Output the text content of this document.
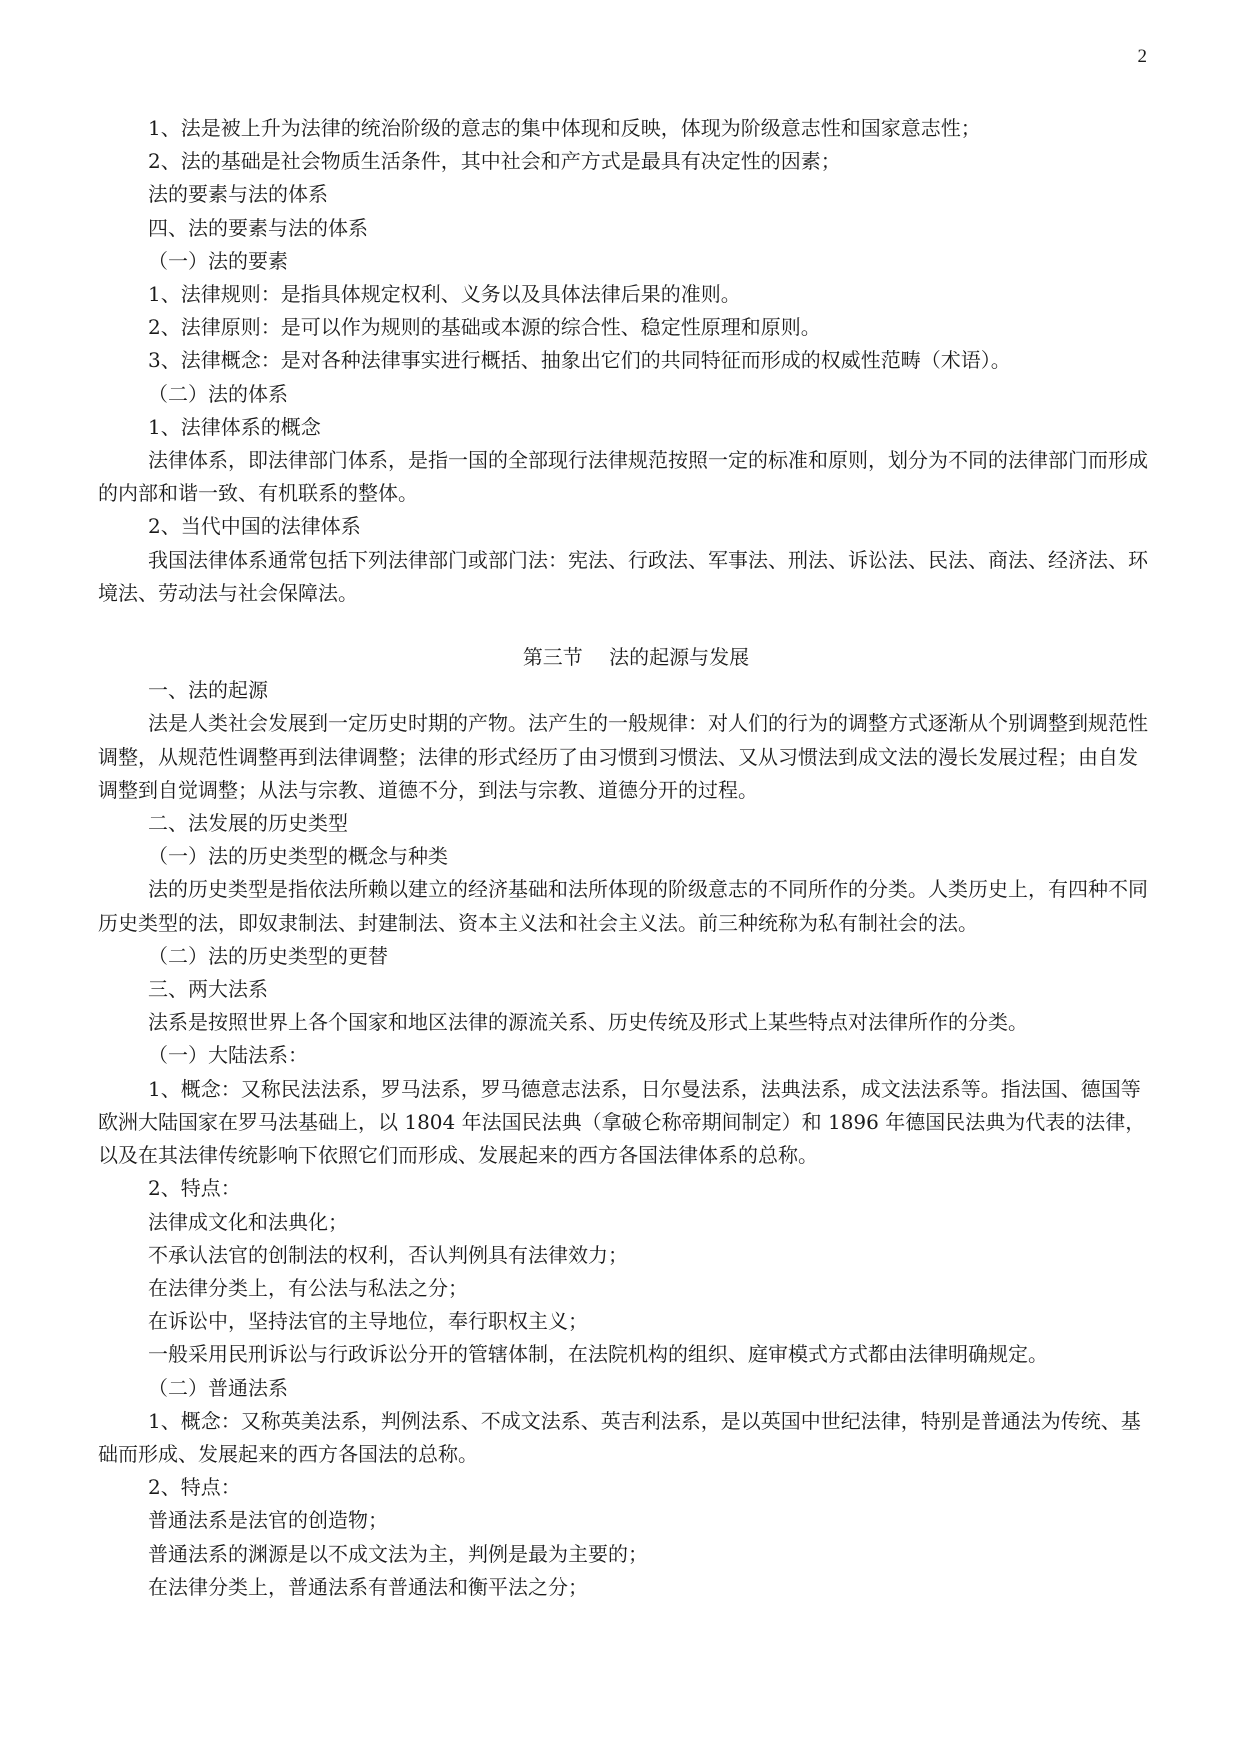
2

1、法是被上升为法律的统治阶级的意志的集中体现和反映，体现为阶级意志性和国家意志性；

2、法的基础是社会物质生活条件，其中社会和产方式是最具有决定性的因素；

法的要素与法的体系

四、法的要素与法的体系

（一）法的要素

1、法律规则：是指具体规定权利、义务以及具体法律后果的准则。

2、法律原则：是可以作为规则的基础或本源的综合性、稳定性原理和原则。

3、法律概念：是对各种法律事实进行概括、抽象出它们的共同特征而形成的权威性范畴（术语）。

（二）法的体系

1、法律体系的概念

法律体系，即法律部门体系，是指一国的全部现行法律规范按照一定的标准和原则，划分为不同的法律部门而形成的内部和谐一致、有机联系的整体。

2、当代中国的法律体系

我国法律体系通常包括下列法律部门或部门法：宪法、行政法、军事法、刑法、诉讼法、民法、商法、经济法、环境法、劳动法与社会保障法。

第三节　 法的起源与发展

一、法的起源

法是人类社会发展到一定历史时期的产物。法产生的一般规律：对人们的行为的调整方式逐渐从个别调整到规范性调整，从规范性调整再到法律调整；法律的形式经历了由习惯到习惯法、又从习惯法到成文法的漫长发展过程；由自发调整到自觉调整；从法与宗教、道德不分，到法与宗教、道德分开的过程。

二、法发展的历史类型

（一）法的历史类型的概念与种类

法的历史类型是指依法所赖以建立的经济基础和法所体现的阶级意志的不同所作的分类。人类历史上，有四种不同历史类型的法，即奴隶制法、封建制法、资本主义法和社会主义法。前三种统称为私有制社会的法。

（二）法的历史类型的更替

三、两大法系

法系是按照世界上各个国家和地区法律的源流关系、历史传统及形式上某些特点对法律所作的分类。

（一）大陆法系：

1、概念：又称民法法系，罗马法系，罗马德意志法系，日尔曼法系，法典法系，成文法法系等。指法国、德国等欧洲大陆国家在罗马法基础上，以 1804 年法国民法典（拿破仑称帝期间制定）和 1896 年德国民法典为代表的法律，以及在其法律传统影响下依照它们而形成、发展起来的西方各国法律体系的总称。

2、特点：

法律成文化和法典化；

不承认法官的创制法的权利，否认判例具有法律效力；

在法律分类上，有公法与私法之分；

在诉讼中，坚持法官的主导地位，奉行职权主义；

一般采用民刑诉讼与行政诉讼分开的管辖体制，在法院机构的组织、庭审模式方式都由法律明确规定。

（二）普通法系

1、概念：又称英美法系，判例法系、不成文法系、英吉利法系，是以英国中世纪法律，特别是普通法为传统、基础而形成、发展起来的西方各国法的总称。

2、特点：

普通法系是法官的创造物；

普通法系的渊源是以不成文法为主，判例是最为主要的；

在法律分类上，普通法系有普通法和衡平法之分；
